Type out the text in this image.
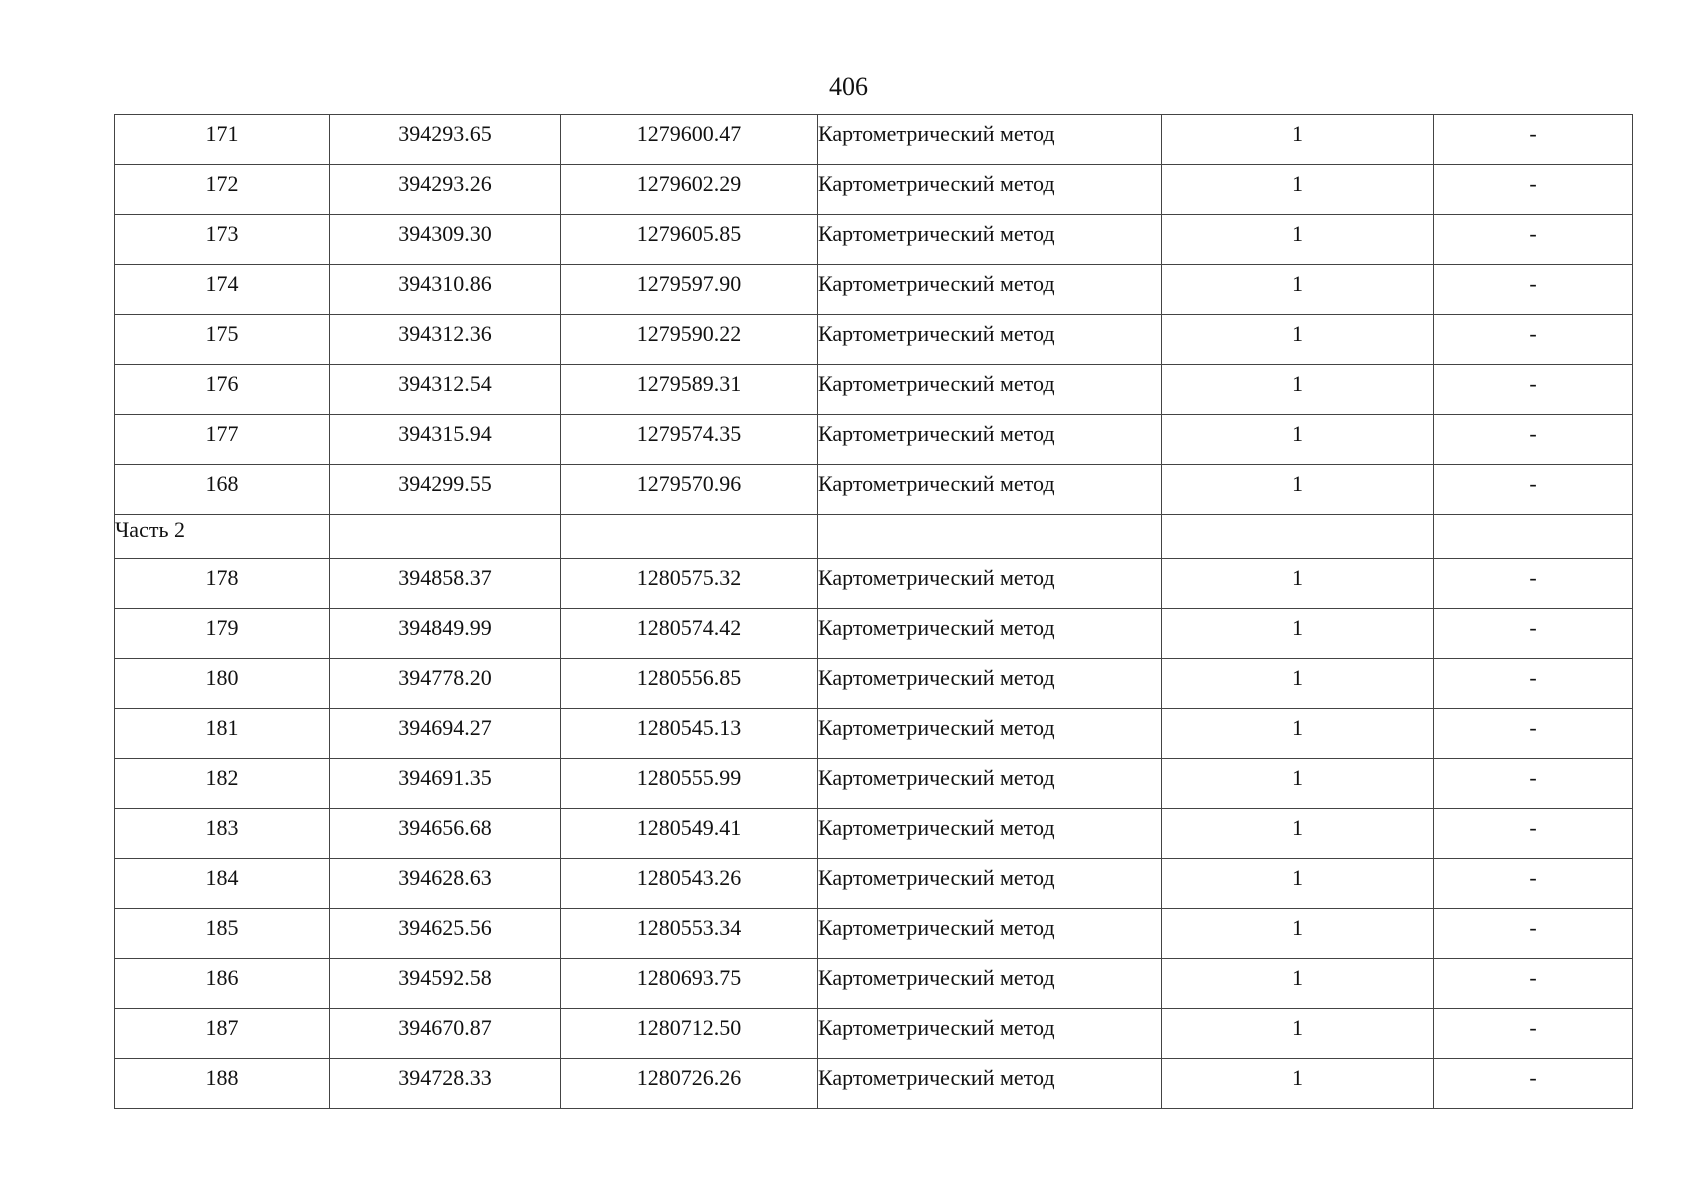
406
171	394293.65	1279600.47	Картометрический метод	1	-
172	394293.26	1279602.29	Картометрический метод	1	-
173	394309.30	1279605.85	Картометрический метод	1	-
174	394310.86	1279597.90	Картометрический метод	1	-
175	394312.36	1279590.22	Картометрический метод	1	-
176	394312.54	1279589.31	Картометрический метод	1	-
177	394315.94	1279574.35	Картометрический метод	1	-
168	394299.55	1279570.96	Картометрический метод	1	-
Часть 2					
178	394858.37	1280575.32	Картометрический метод	1	-
179	394849.99	1280574.42	Картометрический метод	1	-
180	394778.20	1280556.85	Картометрический метод	1	-
181	394694.27	1280545.13	Картометрический метод	1	-
182	394691.35	1280555.99	Картометрический метод	1	-
183	394656.68	1280549.41	Картометрический метод	1	-
184	394628.63	1280543.26	Картометрический метод	1	-
185	394625.56	1280553.34	Картометрический метод	1	-
186	394592.58	1280693.75	Картометрический метод	1	-
187	394670.87	1280712.50	Картометрический метод	1	-
188	394728.33	1280726.26	Картометрический метод	1	-
